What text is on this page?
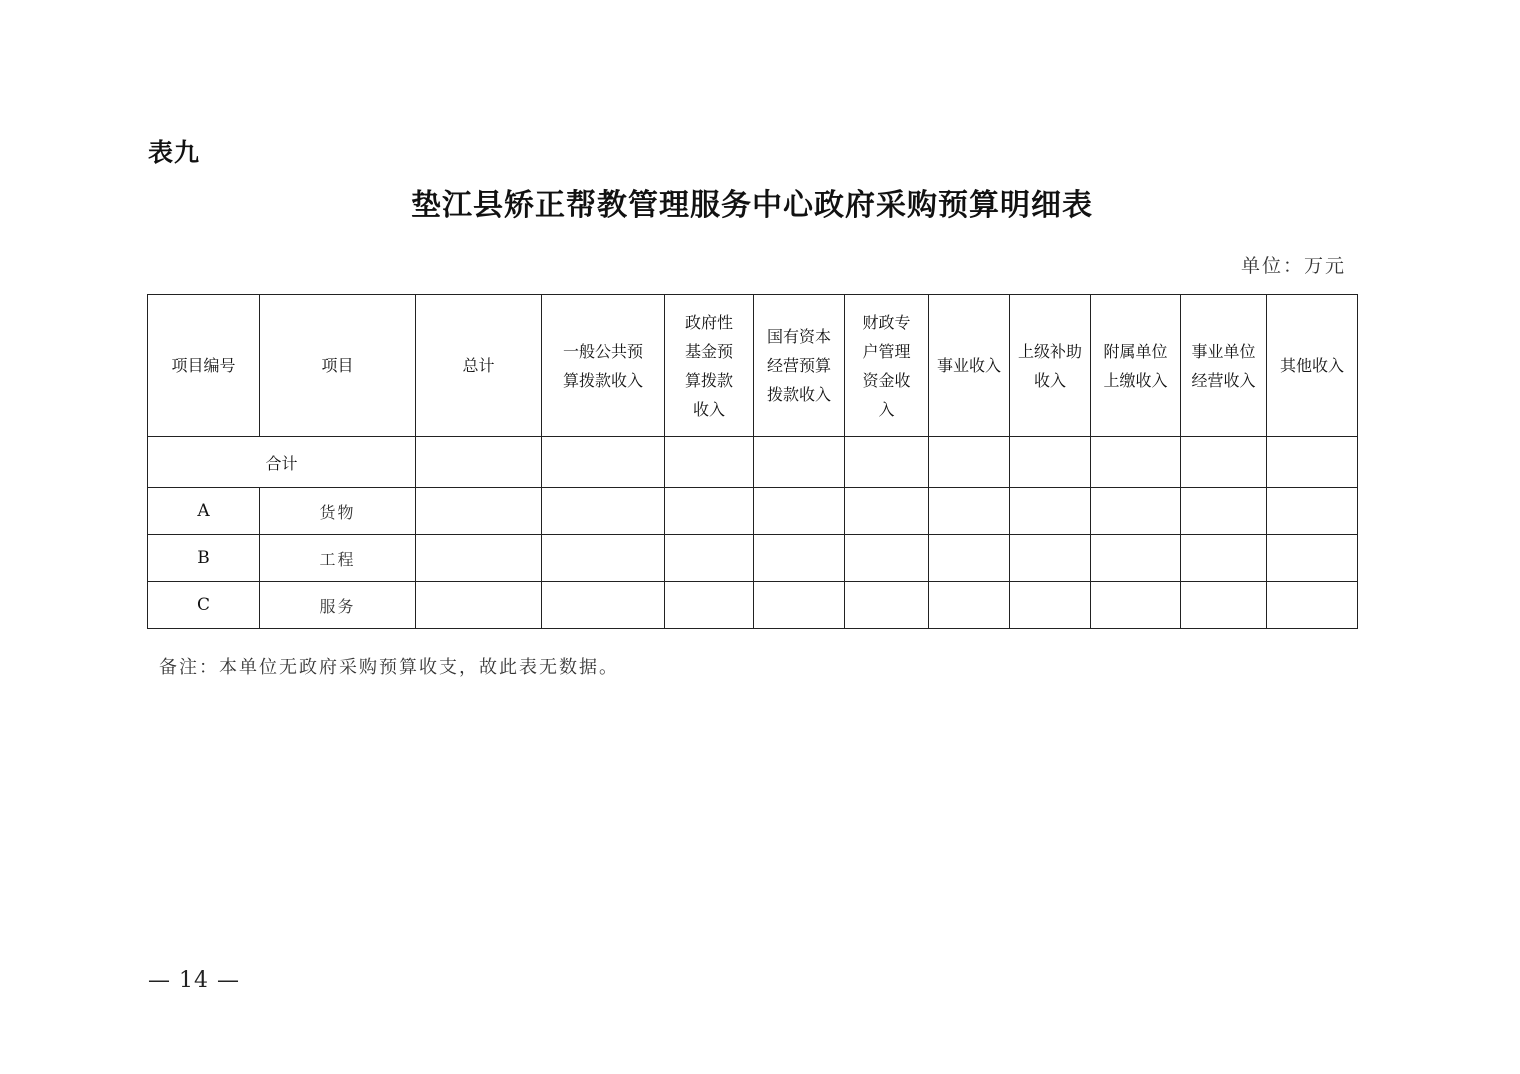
表九
垫江县矫正帮教管理服务中心政府采购预算明细表
单位：万元
项目编号	项目	总计	一般公共预算拨款收入	政府性基金预算拨款收入	国有资本经营预算拨款收入	财政专户管理资金收入	事业收入	上级补助收入	附属单位上缴收入	事业单位经营收入	其他收入

合计											
A	货物										
B	工程										
C	服务										
备注：本单位无政府采购预算收支，故此表无数据。
— 14 —
